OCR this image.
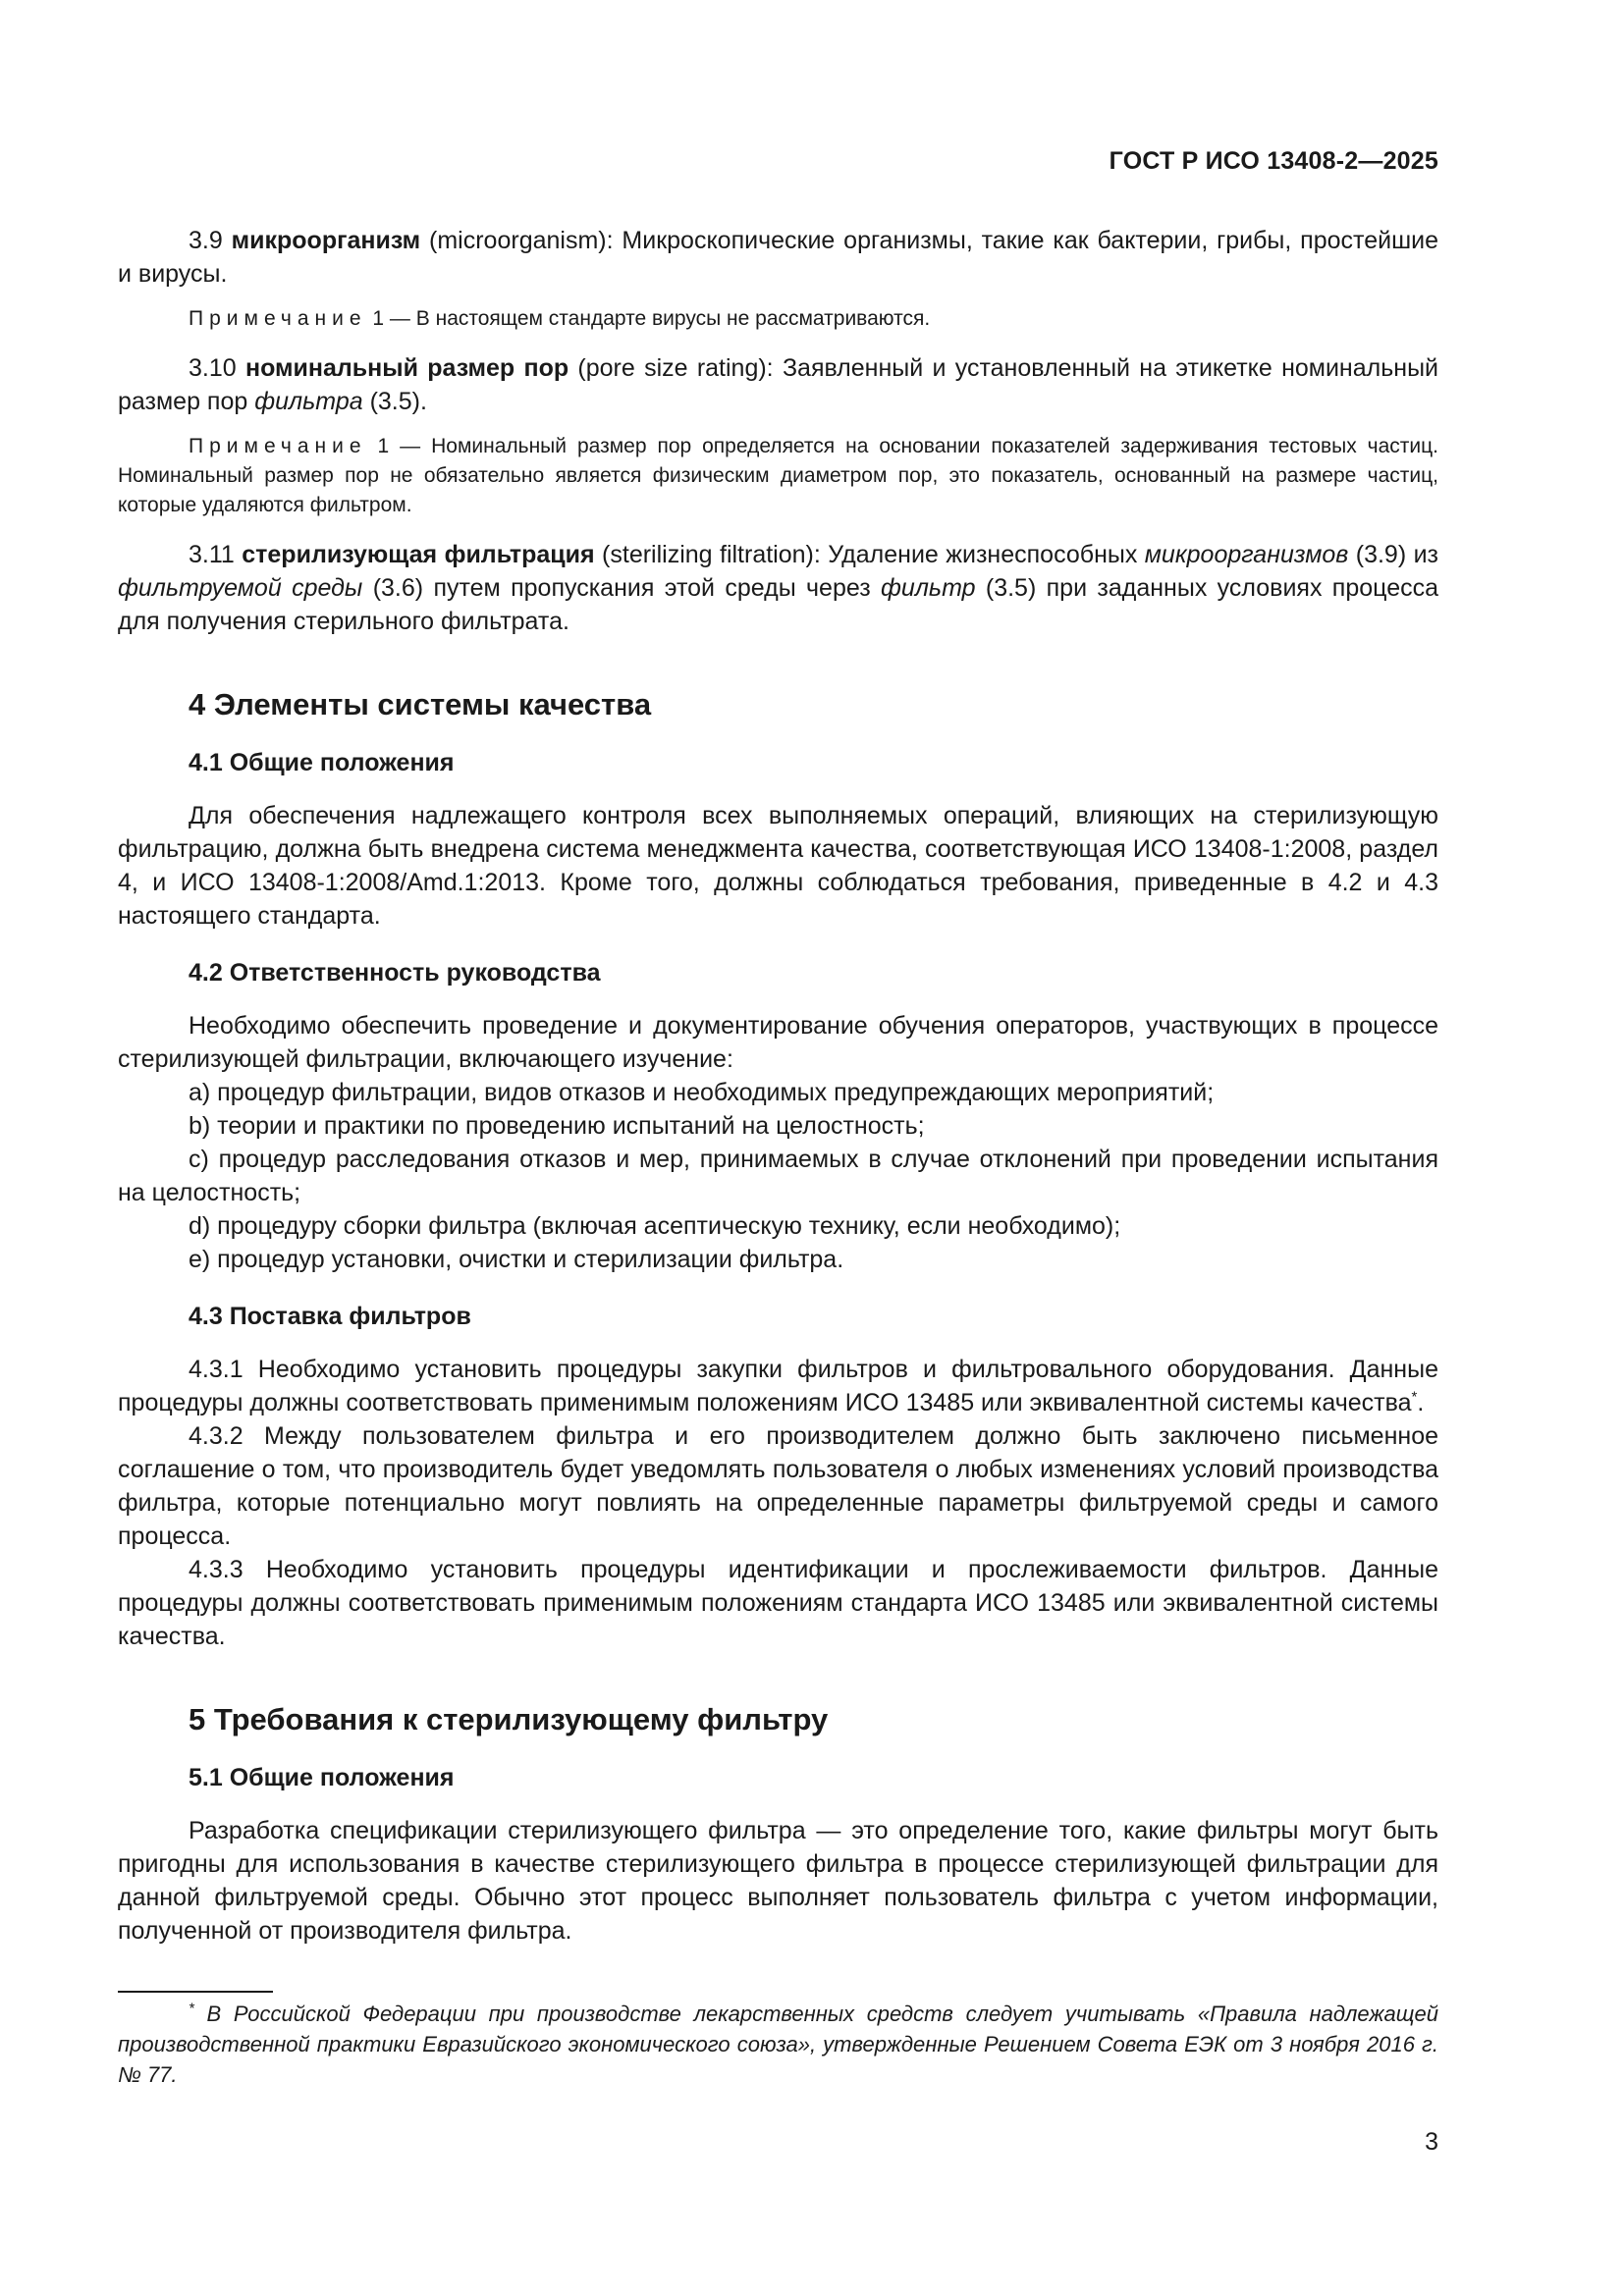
ГОСТ Р ИСО 13408-2—2025

3.9 микроорганизм (microorganism): Микроскопические организмы, такие как бактерии, грибы, простейшие и вирусы.

Примечание 1 — В настоящем стандарте вирусы не рассматриваются.

3.10 номинальный размер пор (pore size rating): Заявленный и установленный на этикетке номинальный размер пор фильтра (3.5).

Примечание 1 — Номинальный размер пор определяется на основании показателей задерживания тестовых частиц. Номинальный размер пор не обязательно является физическим диаметром пор, это показатель, основанный на размере частиц, которые удаляются фильтром.

3.11 стерилизующая фильтрация (sterilizing filtration): Удаление жизнеспособных микроорганизмов (3.9) из фильтруемой среды (3.6) путем пропускания этой среды через фильтр (3.5) при заданных условиях процесса для получения стерильного фильтрата.

4 Элементы системы качества
4.1 Общие положения

Для обеспечения надлежащего контроля всех выполняемых операций, влияющих на стерилизующую фильтрацию, должна быть внедрена система менеджмента качества, соответствующая ИСО 13408-1:2008, раздел 4, и ИСО 13408-1:2008/Amd.1:2013. Кроме того, должны соблюдаться требования, приведенные в 4.2 и 4.3 настоящего стандарта.

4.2 Ответственность руководства

Необходимо обеспечить проведение и документирование обучения операторов, участвующих в процессе стерилизующей фильтрации, включающего изучение:

a) процедур фильтрации, видов отказов и необходимых предупреждающих мероприятий;

b) теории и практики по проведению испытаний на целостность;

c) процедур расследования отказов и мер, принимаемых в случае отклонений при проведении испытания на целостность;

d) процедуру сборки фильтра (включая асептическую технику, если необходимо);

e) процедур установки, очистки и стерилизации фильтра.

4.3 Поставка фильтров

4.3.1 Необходимо установить процедуры закупки фильтров и фильтровального оборудования. Данные процедуры должны соответствовать применимым положениям ИСО 13485 или эквивалентной системы качества*.

4.3.2 Между пользователем фильтра и его производителем должно быть заключено письменное соглашение о том, что производитель будет уведомлять пользователя о любых изменениях условий производства фильтра, которые потенциально могут повлиять на определенные параметры фильтруемой среды и самого процесса.

4.3.3 Необходимо установить процедуры идентификации и прослеживаемости фильтров. Данные процедуры должны соответствовать применимым положениям стандарта ИСО 13485 или эквивалентной системы качества.

5 Требования к стерилизующему фильтру
5.1 Общие положения

Разработка спецификации стерилизующего фильтра — это определение того, какие фильтры могут быть пригодны для использования в качестве стерилизующего фильтра в процессе стерилизующей фильтрации для данной фильтруемой среды. Обычно этот процесс выполняет пользователь фильтра с учетом информации, полученной от производителя фильтра.

* В Российской Федерации при производстве лекарственных средств следует учитывать «Правила надлежащей производственной практики Евразийского экономического союза», утвержденные Решением Совета ЕЭК от 3 ноября 2016 г. № 77.

3
